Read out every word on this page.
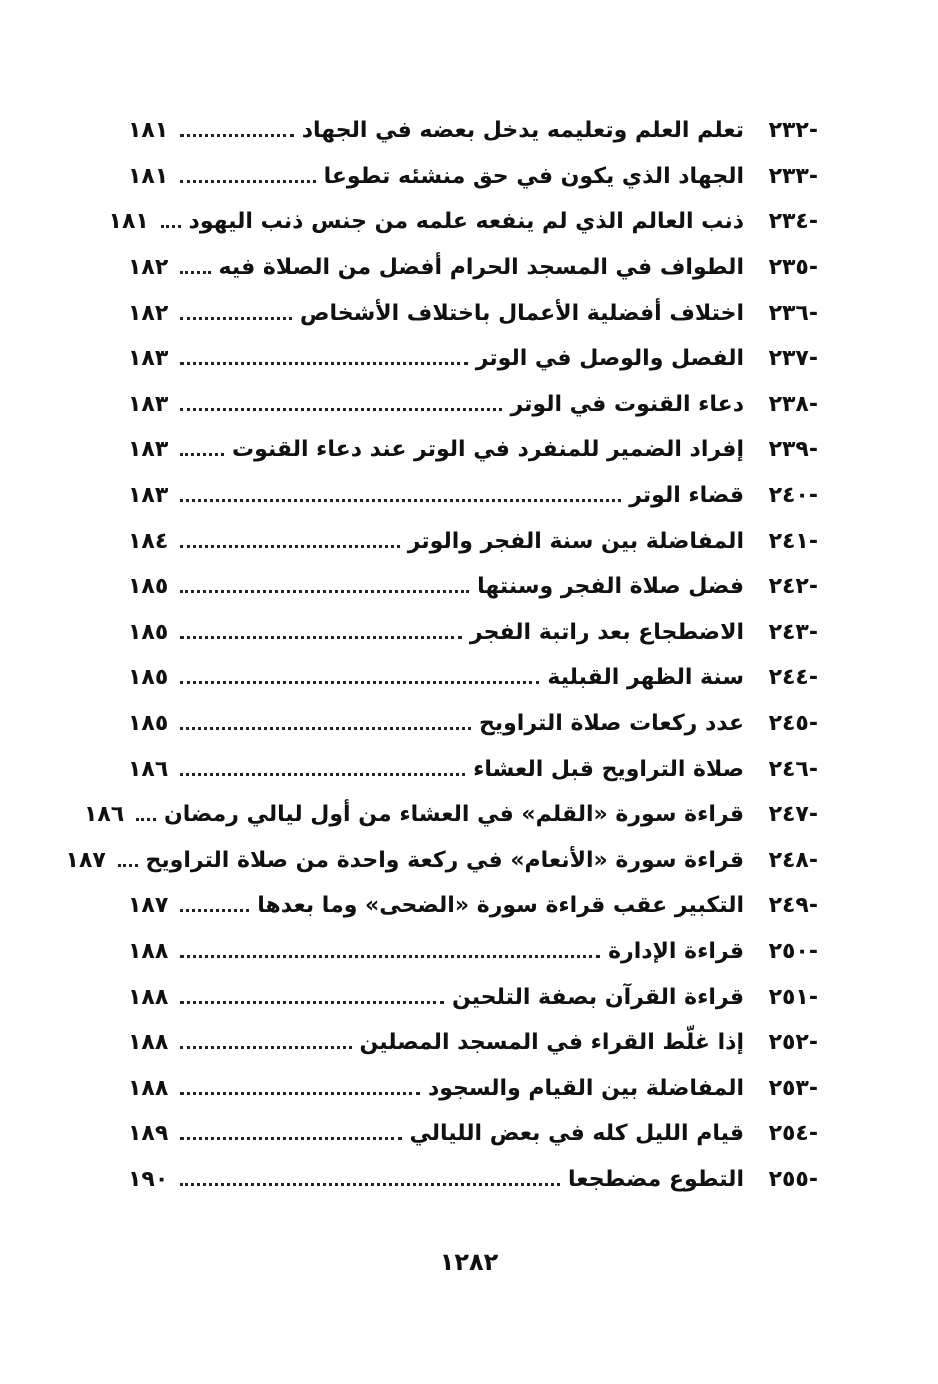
-٢٣٢
تعلم العلم وتعليمه يدخل بعضه في الجهاد
١٨١
-٢٣٣
الجهاد الذي يكون في حق منشئه تطوعا
١٨١
-٢٣٤
ذنب العالم الذي لم ينفعه علمه من جنس ذنب اليهود
١٨١
-٢٣٥
الطواف في المسجد الحرام أفضل من الصلاة فيه
١٨٢
-٢٣٦
اختلاف أفضلية الأعمال باختلاف الأشخاص
١٨٢
-٢٣٧
الفصل والوصل في الوتر
١٨٣
-٢٣٨
دعاء القنوت في الوتر
١٨٣
-٢٣٩
إفراد الضمير للمنفرد في الوتر عند دعاء القنوت
١٨٣
-٢٤٠
قضاء الوتر
١٨٣
-٢٤١
المفاضلة بين سنة الفجر والوتر
١٨٤
-٢٤٢
فضل صلاة الفجر وسنتها
١٨٥
-٢٤٣
الاضطجاع بعد راتبة الفجر
١٨٥
-٢٤٤
سنة الظهر القبلية
١٨٥
-٢٤٥
عدد ركعات صلاة التراويح
١٨٥
-٢٤٦
صلاة التراويح قبل العشاء
١٨٦
-٢٤٧
قراءة سورة «القلم» في العشاء من أول ليالي رمضان
١٨٦
-٢٤٨
قراءة سورة «الأنعام» في ركعة واحدة من صلاة التراويح
١٨٧
-٢٤٩
التكبير عقب قراءة سورة «الضحى» وما بعدها
١٨٧
-٢٥٠
قراءة الإدارة
١٨٨
-٢٥١
قراءة القرآن بصفة التلحين
١٨٨
-٢٥٢
إذا غلّط القراء في المسجد المصلين
١٨٨
-٢٥٣
المفاضلة بين القيام والسجود
١٨٨
-٢٥٤
قيام الليل كله في بعض الليالي
١٨٩
-٢٥٥
التطوع مضطجعا
١٩٠
١٢٨٢
